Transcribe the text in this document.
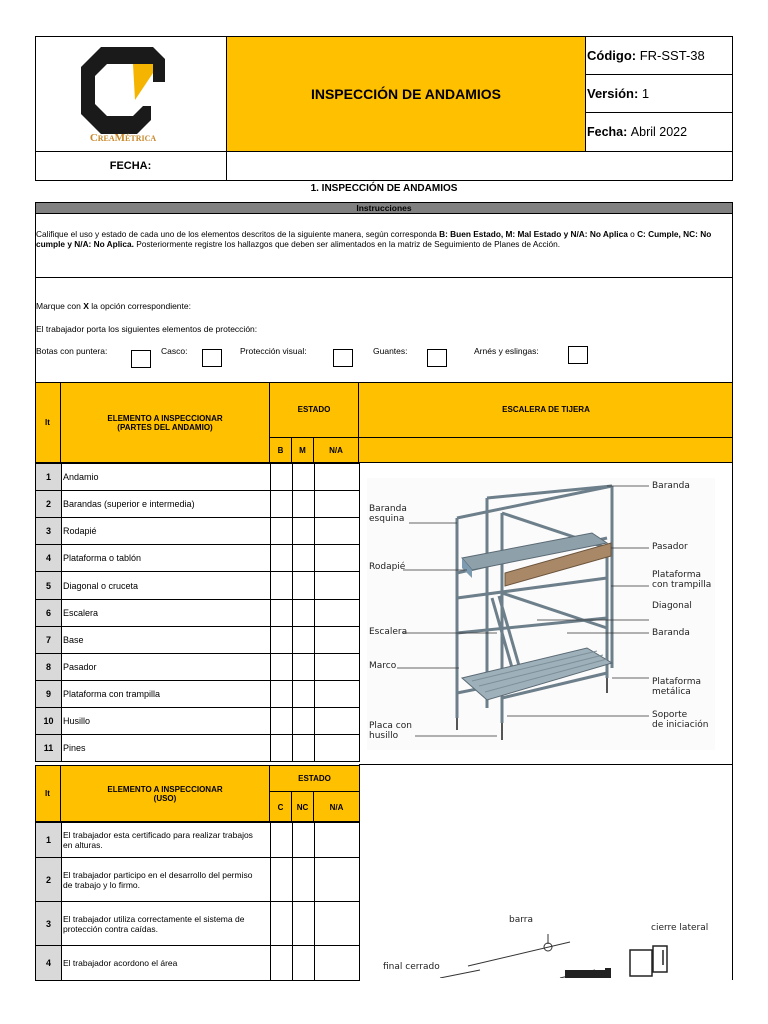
CreaMétrica
INSPECCIÓN DE ANDAMIOS
Código:
FR-SST-38
Versión:
1
Fecha:
Abril 2022
FECHA:
1. INSPECCIÓN DE ANDAMIOS
Instrucciones
Califique el uso y estado de cada uno de los elementos descritos de la siguiente manera, según corresponda B: Buen Estado, M: Mal Estado y N/A: No Aplica o C: Cumple, NC: No cumple y N/A: No Aplica. Posteriormente registre los hallazgos que deben ser alimentados en la matriz de Seguimiento de Planes de Acción.
Marque con X la opción correspondiente:
El trabajador porta los siguientes elementos de protección:
Botas con puntera:	Casco:	Protección visual:	Guantes:	Arnés y eslingas:
It	ELEMENTO A INSPECCIONAR
(PARTES DEL ANDAMIO)
ESTADO
B M	N/A
ESCALERA DE TIJERA
1	Andamio
2	Barandas (superior e intermedia)
3	Rodapié
4	Plataforma o tablón
5	Diagonal o cruceta
6	Escalera
7	Base
8	Pasador
9	Plataforma con trampilla
10	Husillo
11	Pines
Baranda
Baranda
esquina
Pasador
Rodapié
Plataforma
con trampilla
Diagonal
Escalera	Baranda
Marco
Plataforma
metálica
Soporte
de iniciación
Placa con
husillo
It	ELEMENTO A INSPECCIONAR
(USO)
ESTADO
C NC	N/A
1	El trabajador esta certificado para realizar trabajos en alturas.
2	El trabajador participo en el desarrollo del permiso de trabajo y lo firmo.
3	El trabajador utiliza correctamente el sistema de protección contra caídas.
4	El trabajador acordono el área
barra
cierre lateral
final cerrado
